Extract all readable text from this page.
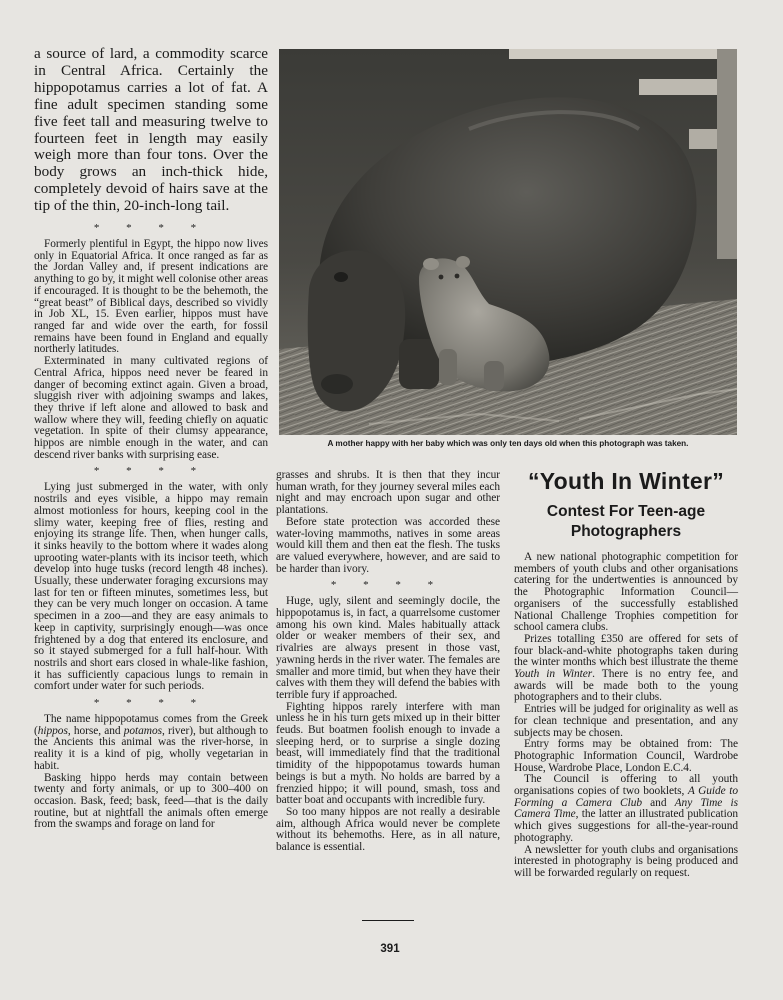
a source of lard, a commodity scarce in Central Africa. Certainly the hippopotamus carries a lot of fat. A fine adult specimen standing some five feet tall and measuring twelve to fourteen feet in length may easily weigh more than four tons. Over the body grows an inch-thick hide, completely devoid of hairs save at the tip of the thin, 20-inch-long tail.

* * * *

Formerly plentiful in Egypt, the hippo now lives only in Equatorial Africa. It once ranged as far as the Jordan Valley and, if present indications are anything to go by, it might well colonise other areas if encouraged. It is thought to be the behemoth, the “great beast” of Biblical days, described so vividly in Job XL, 15. Even earlier, hippos must have ranged far and wide over the earth, for fossil remains have been found in England and equally northerly latitudes.

Exterminated in many cultivated regions of Central Africa, hippos need never be feared in danger of becoming extinct again. Given a broad, sluggish river with adjoining swamps and lakes, they thrive if left alone and allowed to bask and wallow where they will, feeding chiefly on aquatic vegetation. In spite of their clumsy appearance, hippos are nimble enough in the water, and can descend river banks with surprising ease.

* * * *

Lying just submerged in the water, with only nostrils and eyes visible, a hippo may remain almost motionless for hours, keeping cool in the slimy water, keeping free of flies, resting and enjoying its strange life. Then, when hunger calls, it sinks heavily to the bottom where it wades along uprooting water-plants with its incisor teeth, which develop into huge tusks (record length 48 inches). Usually, these underwater foraging excursions may last for ten or fifteen minutes, sometimes less, but they can be very much longer on occasion. A tame specimen in a zoo—and they are easy animals to keep in captivity, surprisingly enough—was once frightened by a dog that entered its enclosure, and so it stayed submerged for a full half-hour. With nostrils and short ears closed in whale-like fashion, it has sufficiently capacious lungs to remain in comfort under water for such periods.

* * * *

The name hippopotamus comes from the Greek (hippos, horse, and potamos, river), but although to the Ancients this animal was the river-horse, in reality it is a kind of pig, wholly vegetarian in habit.

Basking hippo herds may contain between twenty and forty animals, or up to 300–400 on occasion. Bask, feed; bask, feed—that is the daily routine, but at nightfall the animals often emerge from the swamps and forage on land for

A mother happy with her baby which was only ten days old when this photograph was taken.

grasses and shrubs. It is then that they incur human wrath, for they journey several miles each night and may encroach upon sugar and other plantations.

Before state protection was accorded these water-loving mammoths, natives in some areas would kill them and then eat the flesh. The tusks are valued everywhere, however, and are said to be harder than ivory.

* * * *

Huge, ugly, silent and seemingly docile, the hippopotamus is, in fact, a quarrelsome customer among his own kind. Males habitually attack older or weaker members of their sex, and rivalries are always present in those vast, yawning herds in the river water. The females are smaller and more timid, but when they have their calves with them they will defend the babies with terrible fury if approached.

Fighting hippos rarely interfere with man unless he in his turn gets mixed up in their bitter feuds. But boatmen foolish enough to invade a sleeping herd, or to surprise a single dozing beast, will immediately find that the traditional timidity of the hippopotamus towards human beings is but a myth. No holds are barred by a frenzied hippo; it will pound, smash, toss and batter boat and occupants with incredible fury.

So too many hippos are not really a desirable aim, although Africa would never be complete without its behemoths. Here, as in all nature, balance is essential.

“Youth In Winter”
Contest For Teen-age Photographers

A new national photographic competition for members of youth clubs and other organisations catering for the undertwenties is announced by the Photographic Information Council—organisers of the successfully established National Challenge Trophies competition for school camera clubs.

Prizes totalling £350 are offered for sets of four black-and-white photographs taken during the winter months which best illustrate the theme Youth in Winter. There is no entry fee, and awards will be made both to the young photographers and to their clubs.

Entries will be judged for originality as well as for clean technique and presentation, and any subjects may be chosen.

Entry forms may be obtained from: The Photographic Information Council, Wardrobe House, Wardrobe Place, London E.C.4.

The Council is offering to all youth organisations copies of two booklets, A Guide to Forming a Camera Club and Any Time is Camera Time, the latter an illustrated publication which gives suggestions for all-the-year-round photography.

A newsletter for youth clubs and organisations interested in photography is being produced and will be forwarded regularly on request.

391
